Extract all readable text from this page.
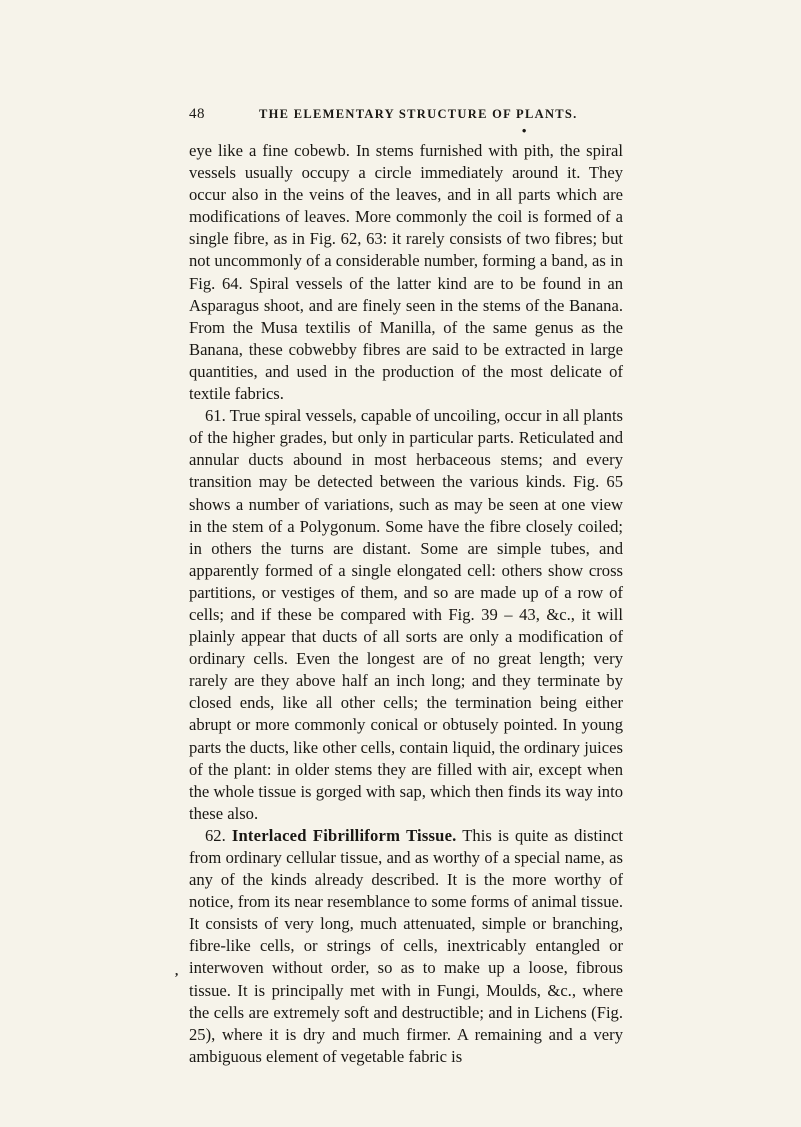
48	THE ELEMENTARY STRUCTURE OF PLANTS.
•
,

eye like a fine cobewb. In stems furnished with pith, the spiral vessels usually occupy a circle immediately around it. They occur also in the veins of the leaves, and in all parts which are modifications of leaves. More commonly the coil is formed of a single fibre, as in Fig. 62, 63: it rarely consists of two fibres; but not uncommonly of a considerable number, forming a band, as in Fig. 64. Spiral vessels of the latter kind are to be found in an Asparagus shoot, and are finely seen in the stems of the Banana. From the Musa textilis of Manilla, of the same genus as the Banana, these cobwebby fibres are said to be extracted in large quantities, and used in the production of the most delicate of textile fabrics.

61. True spiral vessels, capable of uncoiling, occur in all plants of the higher grades, but only in particular parts. Reticulated and annular ducts abound in most herbaceous stems; and every transition may be detected between the various kinds. Fig. 65 shows a number of variations, such as may be seen at one view in the stem of a Polygonum. Some have the fibre closely coiled; in others the turns are distant. Some are simple tubes, and apparently formed of a single elongated cell: others show cross partitions, or vestiges of them, and so are made up of a row of cells; and if these be compared with Fig. 39 – 43, &c., it will plainly appear that ducts of all sorts are only a modification of ordinary cells. Even the longest are of no great length; very rarely are they above half an inch long; and they terminate by closed ends, like all other cells; the termination being either abrupt or more commonly conical or obtusely pointed. In young parts the ducts, like other cells, contain liquid, the ordinary juices of the plant: in older stems they are filled with air, except when the whole tissue is gorged with sap, which then finds its way into these also.

62. Interlaced Fibrilliform Tissue. This is quite as distinct from ordinary cellular tissue, and as worthy of a special name, as any of the kinds already described. It is the more worthy of notice, from its near resemblance to some forms of animal tissue. It consists of very long, much attenuated, simple or branching, fibre-like cells, or strings of cells, inextricably entangled or interwoven without order, so as to make up a loose, fibrous tissue. It is principally met with in Fungi, Moulds, &c., where the cells are extremely soft and destructible; and in Lichens (Fig. 25), where it is dry and much firmer. A remaining and a very ambiguous element of vegetable fabric is
